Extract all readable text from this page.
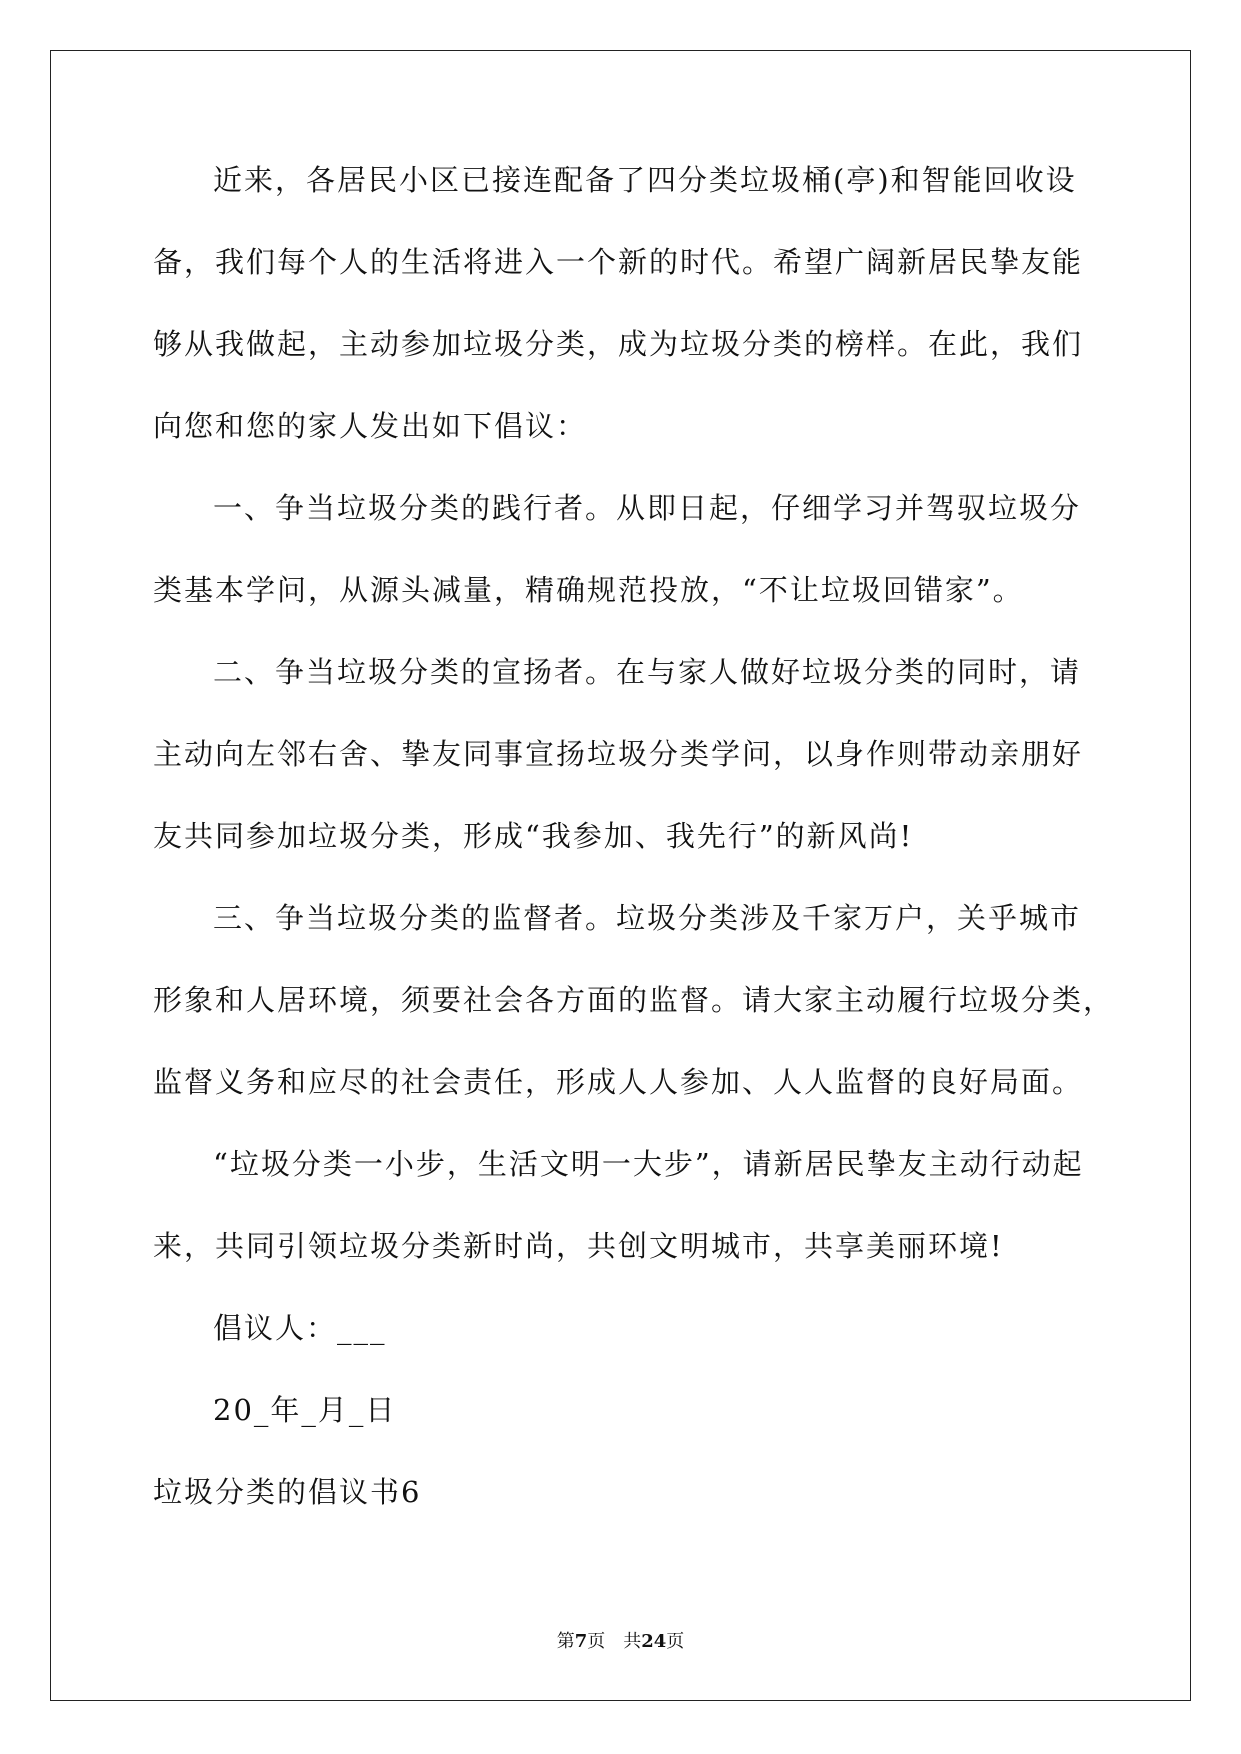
近来，各居民小区已接连配备了四分类垃圾桶(亭)和智能回收设

备，我们每个人的生活将进入一个新的时代。希望广阔新居民挚友能

够从我做起，主动参加垃圾分类，成为垃圾分类的榜样。在此，我们

向您和您的家人发出如下倡议：

一、争当垃圾分类的践行者。从即日起，仔细学习并驾驭垃圾分

类基本学问，从源头减量，精确规范投放，“不让垃圾回错家”。

二、争当垃圾分类的宣扬者。在与家人做好垃圾分类的同时，请

主动向左邻右舍、挚友同事宣扬垃圾分类学问，以身作则带动亲朋好

友共同参加垃圾分类，形成“我参加、我先行”的新风尚!

三、争当垃圾分类的监督者。垃圾分类涉及千家万户，关乎城市

形象和人居环境，须要社会各方面的监督。请大家主动履行垃圾分类，

监督义务和应尽的社会责任，形成人人参加、人人监督的良好局面。

“垃圾分类一小步，生活文明一大步”，请新居民挚友主动行动起

来，共同引领垃圾分类新时尚，共创文明城市，共享美丽环境!

倡议人：___

20_年_月_日

垃圾分类的倡议书6

第7页　共24页
